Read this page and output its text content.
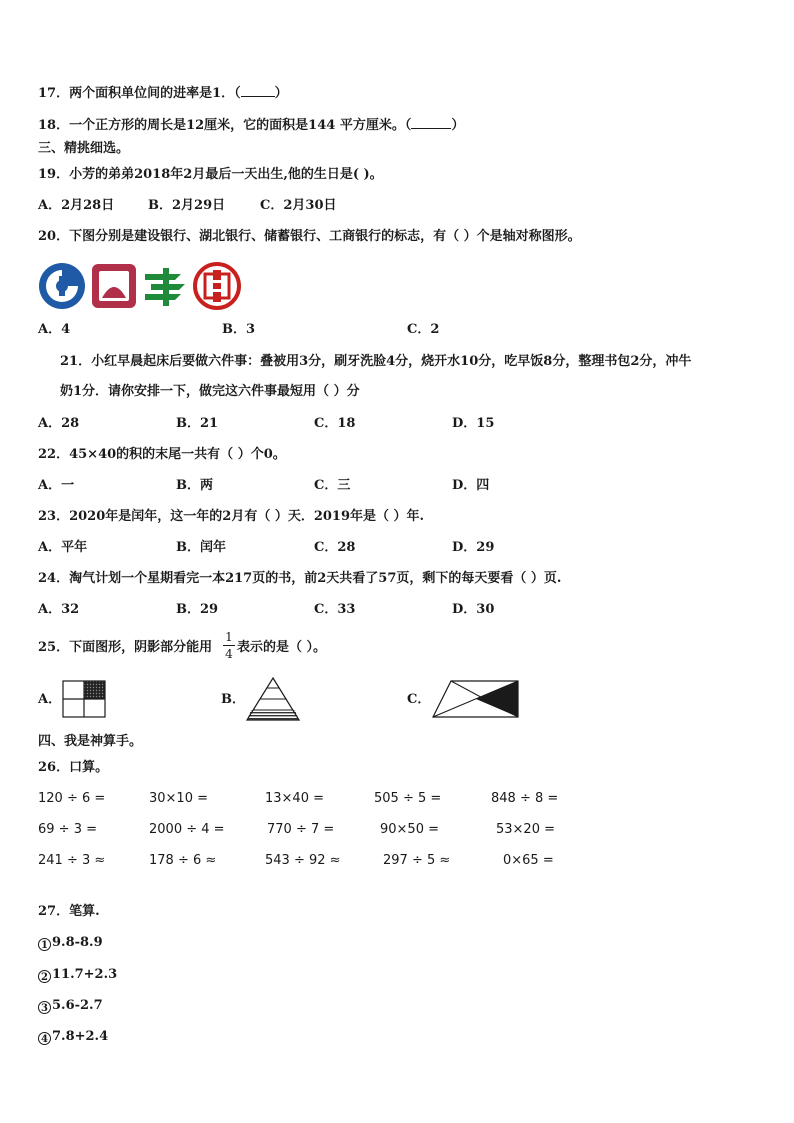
17．两个面积单位间的进率是1．（	）
18．一个正方形的周长是12厘米，它的面积是144 平方厘米。（	）
三、精挑细选。
19．小芳的弟弟2018年2月最后一天出生,他的生日是( )。
A．2月28日	B．2月29日	C．2月30日
20．下图分别是建设银行、湖北银行、储蓄银行、工商银行的标志，有（ ）个是轴对称图形。
A．4	B．3	C．2
21．小红早晨起床后要做六件事：叠被用3分，刷牙洗脸4分，烧开水10分，吃早饭8分，整理书包2分，冲牛
奶1分．请你安排一下，做完这六件事最短用（ ）分
A．28	B．21	C．18	D．15
22．45×40的积的末尾一共有（ ）个0。
A．一	B．两	C．三	D．四
23．2020年是闰年，这一年的2月有（ ）天．2019年是（ ）年.
A．平年	B．闰年	C．28	D．29
24．淘气计划一个星期看完一本217页的书，前2天共看了57页，剩下的每天要看（ ）页.
A．32	B．29	C．33	D．30
25．下面图形，阴影部分能用
1
4 表示的是（ ）。
A．	B．	C．
四、我是神算手。
26．口算。
120 ÷ 6 =	30×10 =	13×40 =	505 ÷ 5 =	848 ÷ 8 =
69 ÷ 3 =	2000 ÷ 4 =	770 ÷ 7 =	90×50 =	53×20 =
241 ÷ 3 ≈	178 ÷ 6 ≈	543 ÷ 92 ≈	297 ÷ 5 ≈	0×65 =
27．笔算.
1 9.8-8.9
2 11.7+2.3
3 5.6-2.7
4 7.8+2.4
